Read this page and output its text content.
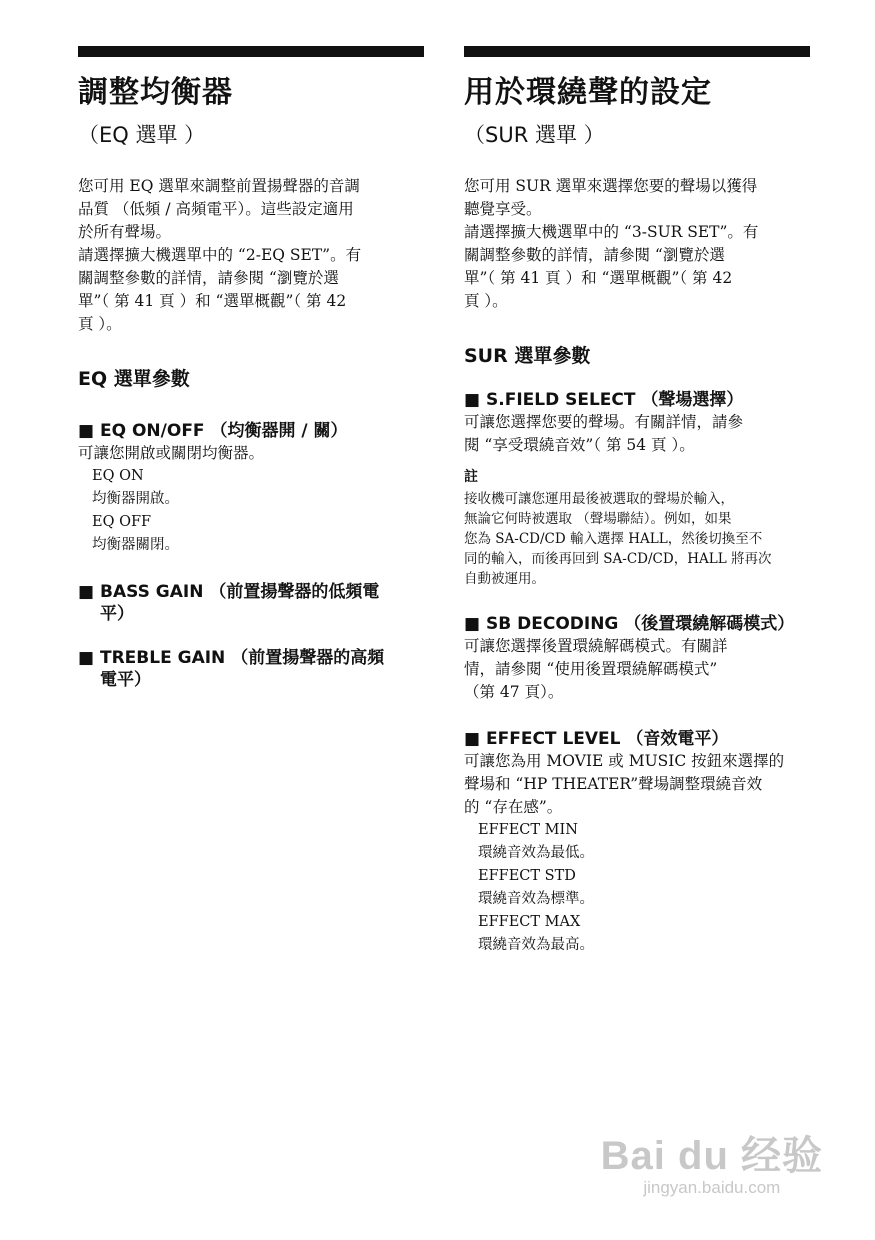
調整均衡器
（EQ 選單 ）
您可用 EQ 選單來調整前置揚聲器的音調
品質 （低頻 / 高頻電平）。這些設定適用
於所有聲場。
請選擇擴大機選單中的 “2-EQ SET”。有
關調整參數的詳情，請參閱 “瀏覽於選
單”（ 第 41 頁 ）和 “選單概觀”（ 第 42
頁 ）。
EQ 選單參數
■ EQ ON/OFF （均衡器開 / 關）
可讓您開啟或關閉均衡器。
EQ ON
均衡器開啟。
EQ OFF
均衡器關閉。
■ BASS GAIN （前置揚聲器的低頻電
平）
■ TREBLE GAIN （前置揚聲器的高頻
電平）
用於環繞聲的設定
（SUR 選單 ）
您可用 SUR 選單來選擇您要的聲場以獲得
聽覺享受。
請選擇擴大機選單中的 “3-SUR SET”。有
關調整參數的詳情，請參閱 “瀏覽於選
單”（ 第 41 頁 ）和 “選單概觀”（ 第 42
頁 ）。
SUR 選單參數
■ S.FIELD SELECT （聲場選擇）
可讓您選擇您要的聲場。有關詳情，請參
閱 “享受環繞音效”（ 第 54 頁 ）。
註
接收機可讓您運用最後被選取的聲場於輸入，
無論它何時被選取 （聲場聯結）。例如，如果
您為 SA-CD/CD 輸入選擇 HALL，然後切換至不
同的輸入，而後再回到 SA-CD/CD，HALL 將再次
自動被運用。
■ SB DECODING （後置環繞解碼模式）
可讓您選擇後置環繞解碼模式。有關詳
情，請參閱 “使用後置環繞解碼模式”
（第 47 頁）。
■ EFFECT LEVEL （音效電平）
可讓您為用 MOVIE 或 MUSIC 按鈕來選擇的
聲場和 “HP THEATER”聲場調整環繞音效
的 “存在感”。
EFFECT MIN
環繞音效為最低。
EFFECT STD
環繞音效為標準。
EFFECT MAX
環繞音效為最高。
Bai du 经验
jingyan.baidu.com
